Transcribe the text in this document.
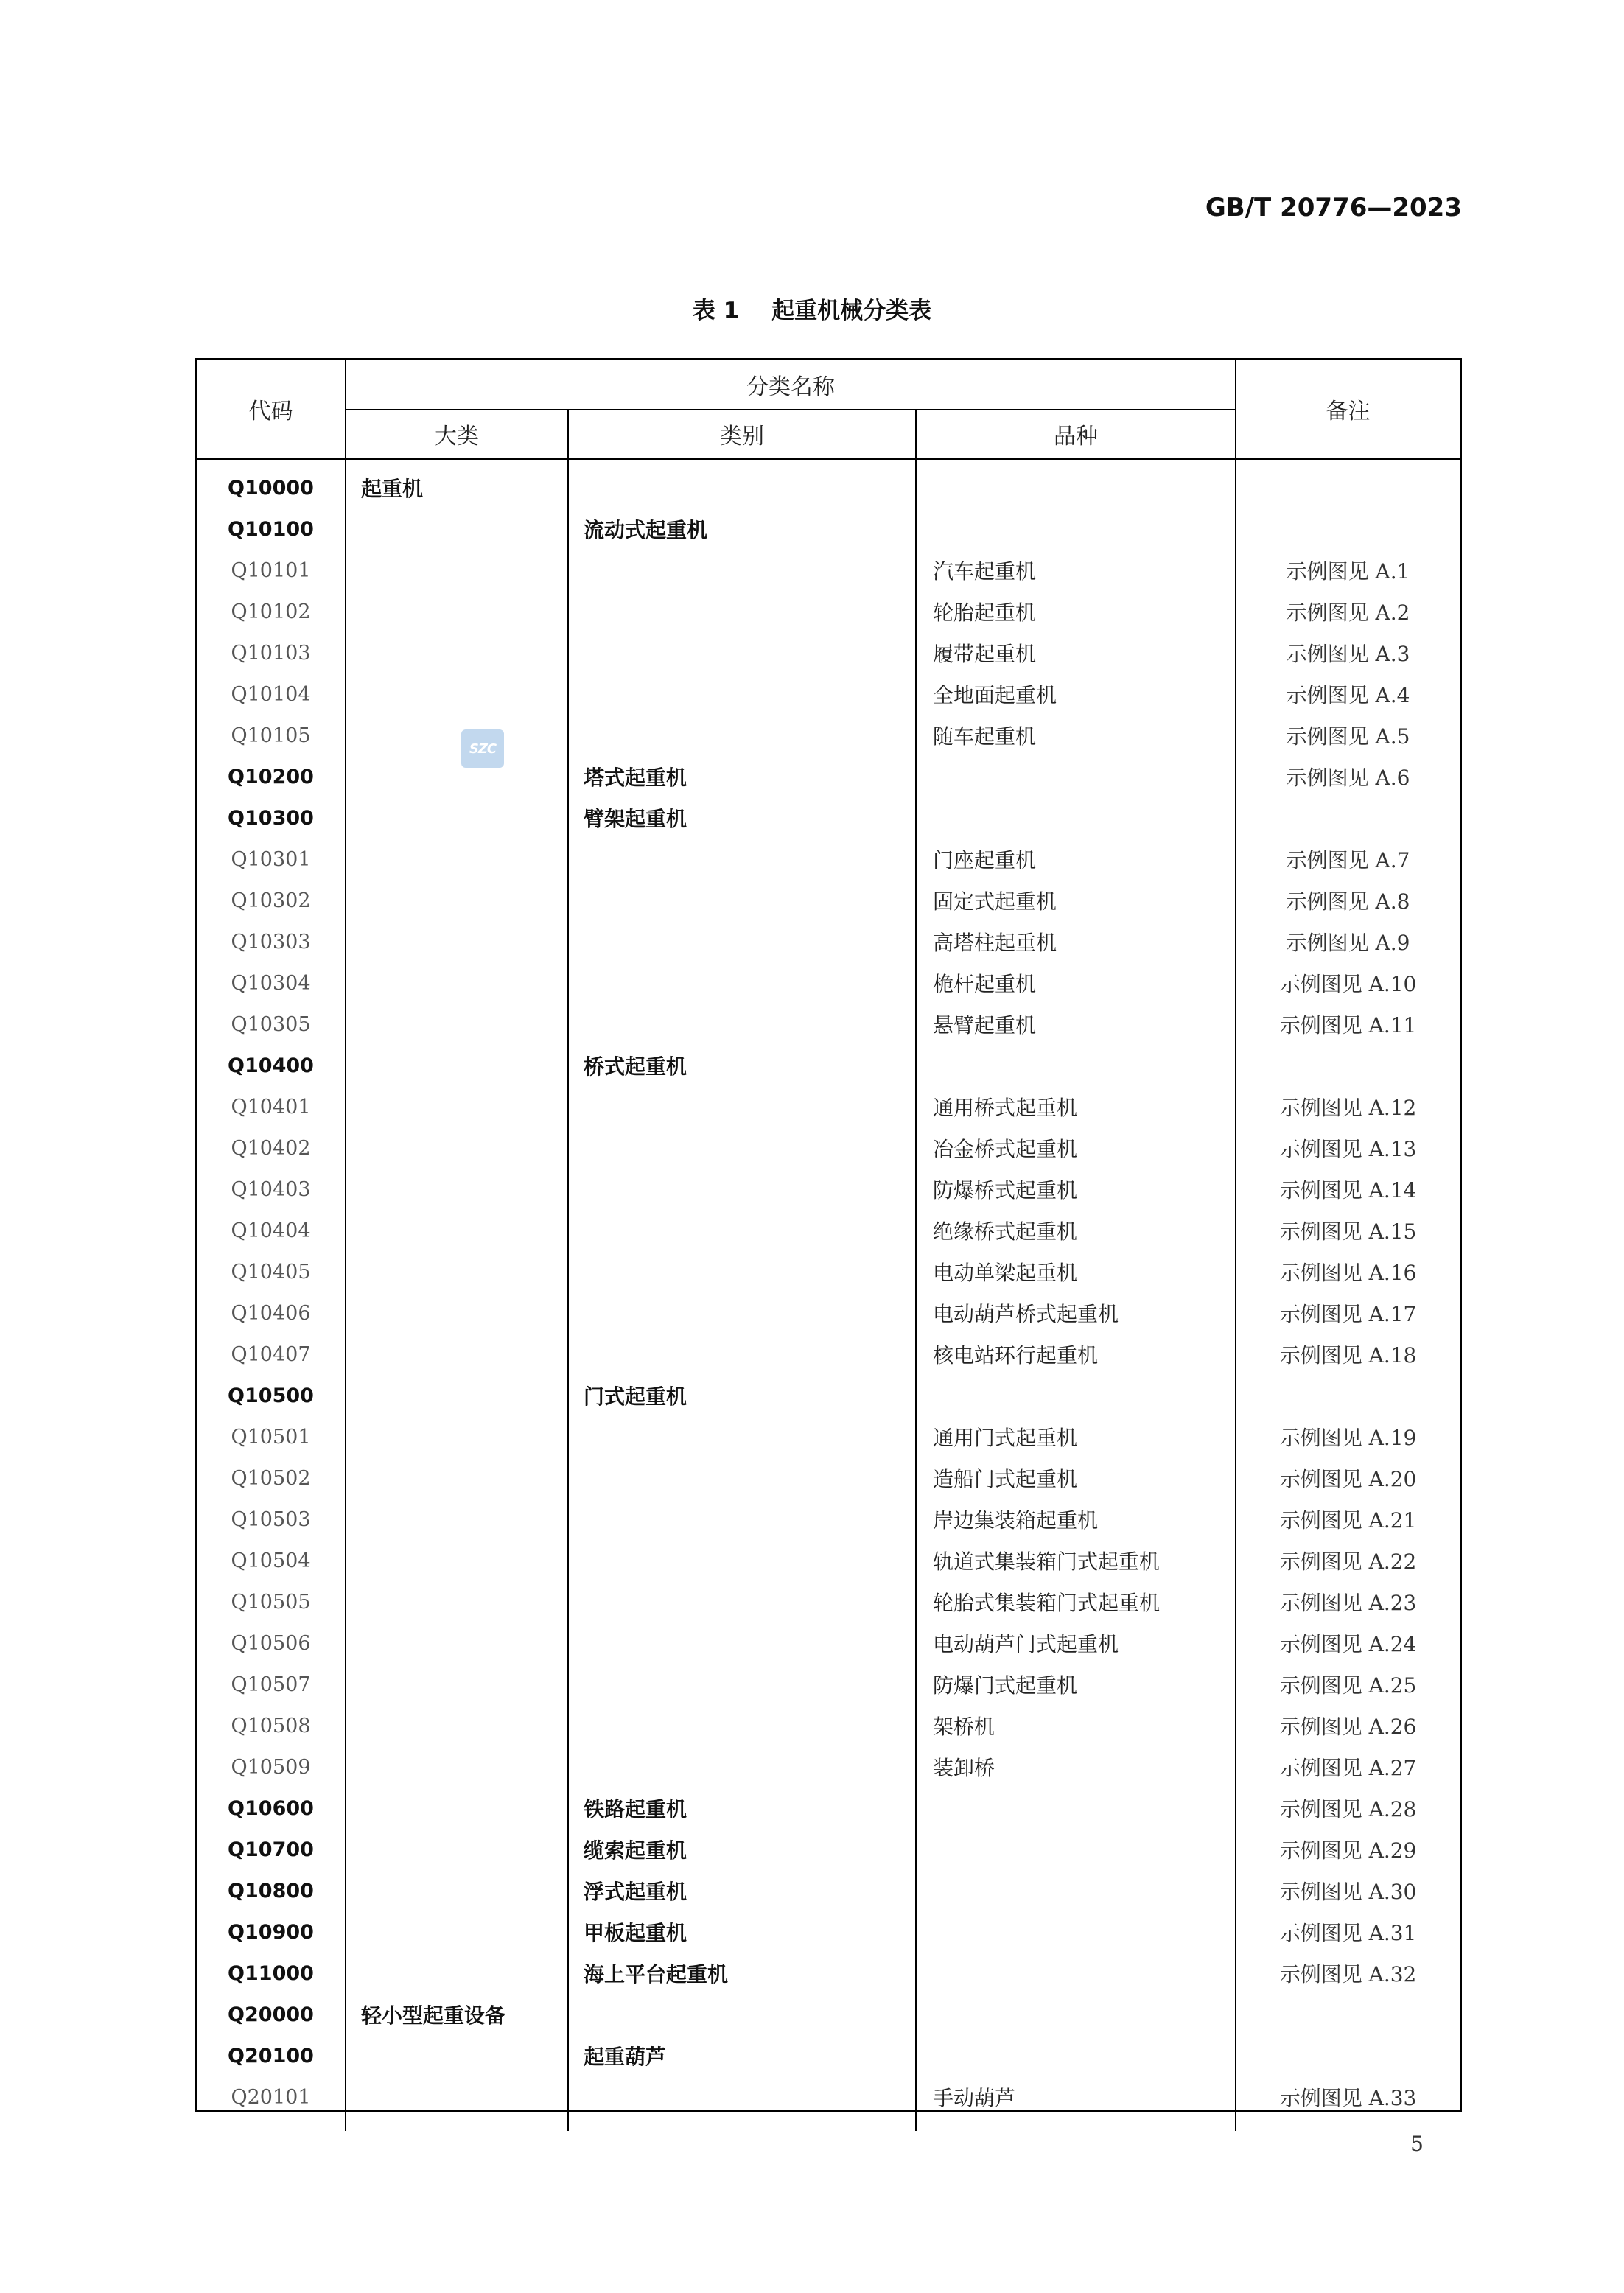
GB/T 20776—2023

表 1 起重机械分类表

代码	分类名称			备注
	大类	类别	品种	

Q10000	起重机			
Q10100		流动式起重机		
Q10101			汽车起重机	示例图见 A.1
Q10102			轮胎起重机	示例图见 A.2
Q10103			履带起重机	示例图见 A.3
Q10104			全地面起重机	示例图见 A.4
Q10105			随车起重机	示例图见 A.5
Q10200		塔式起重机		示例图见 A.6
Q10300		臂架起重机		
Q10301			门座起重机	示例图见 A.7
Q10302			固定式起重机	示例图见 A.8
Q10303			高塔柱起重机	示例图见 A.9
Q10304			桅杆起重机	示例图见 A.10
Q10305			悬臂起重机	示例图见 A.11
Q10400		桥式起重机		
Q10401			通用桥式起重机	示例图见 A.12
Q10402			冶金桥式起重机	示例图见 A.13
Q10403			防爆桥式起重机	示例图见 A.14
Q10404			绝缘桥式起重机	示例图见 A.15
Q10405			电动单梁起重机	示例图见 A.16
Q10406			电动葫芦桥式起重机	示例图见 A.17
Q10407			核电站环行起重机	示例图见 A.18
Q10500		门式起重机		
Q10501			通用门式起重机	示例图见 A.19
Q10502			造船门式起重机	示例图见 A.20
Q10503			岸边集装箱起重机	示例图见 A.21
Q10504			轨道式集装箱门式起重机	示例图见 A.22
Q10505			轮胎式集装箱门式起重机	示例图见 A.23
Q10506			电动葫芦门式起重机	示例图见 A.24
Q10507			防爆门式起重机	示例图见 A.25
Q10508			架桥机	示例图见 A.26
Q10509			装卸桥	示例图见 A.27
Q10600		铁路起重机		示例图见 A.28
Q10700		缆索起重机		示例图见 A.29
Q10800		浮式起重机		示例图见 A.30
Q10900		甲板起重机		示例图见 A.31
Q11000		海上平台起重机		示例图见 A.32
Q20000	轻小型起重设备			
Q20100		起重葫芦		
Q20101			手动葫芦	示例图见 A.33

SZC

5
